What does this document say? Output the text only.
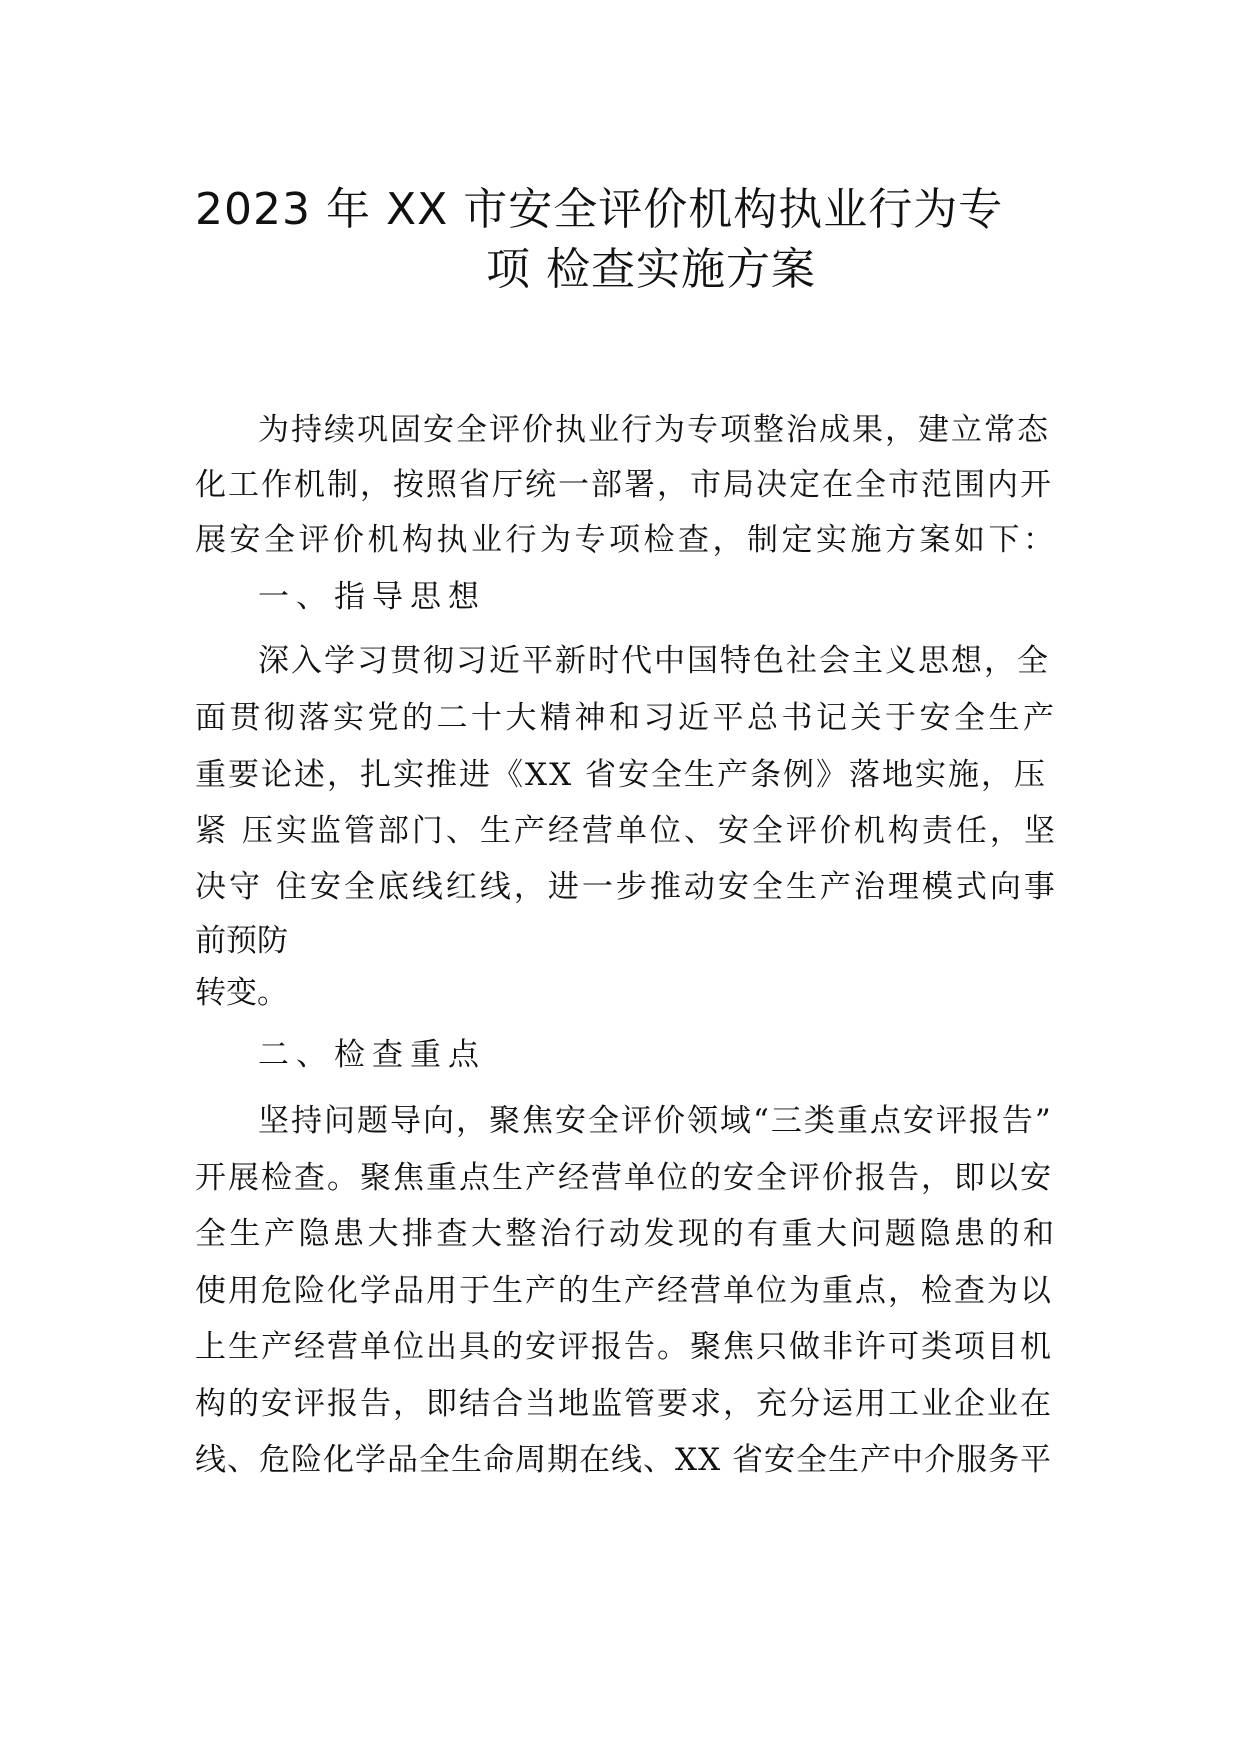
2023 年 XX 市安全评价机构执业行为专
项 检查实施方案
为持续巩固安全评价执业行为专项整治成果，建立常态
化工作机制，按照省厅统一部署，市局决定在全市范围内开
展安全评价机构执业行为专项检查，制定实施方案如下：
一、指导思想
深入学习贯彻习近平新时代中国特色社会主义思想，全
面贯彻落实党的二十大精神和习近平总书记关于安全生产
重要论述，扎实推进《XX 省安全生产条例》落地实施，压
紧 压实监管部门、生产经营单位、安全评价机构责任，坚
决守 住安全底线红线，进一步推动安全生产治理模式向事
前预防
转变。
二、检查重点
坚持问题导向，聚焦安全评价领域“三类重点安评报告”
开展检查。聚焦重点生产经营单位的安全评价报告，即以安
全生产隐患大排查大整治行动发现的有重大问题隐患的和
使用危险化学品用于生产的生产经营单位为重点，检查为以
上生产经营单位出具的安评报告。聚焦只做非许可类项目机
构的安评报告，即结合当地监管要求，充分运用工业企业在
线、危险化学品全生命周期在线、XX 省安全生产中介服务平
